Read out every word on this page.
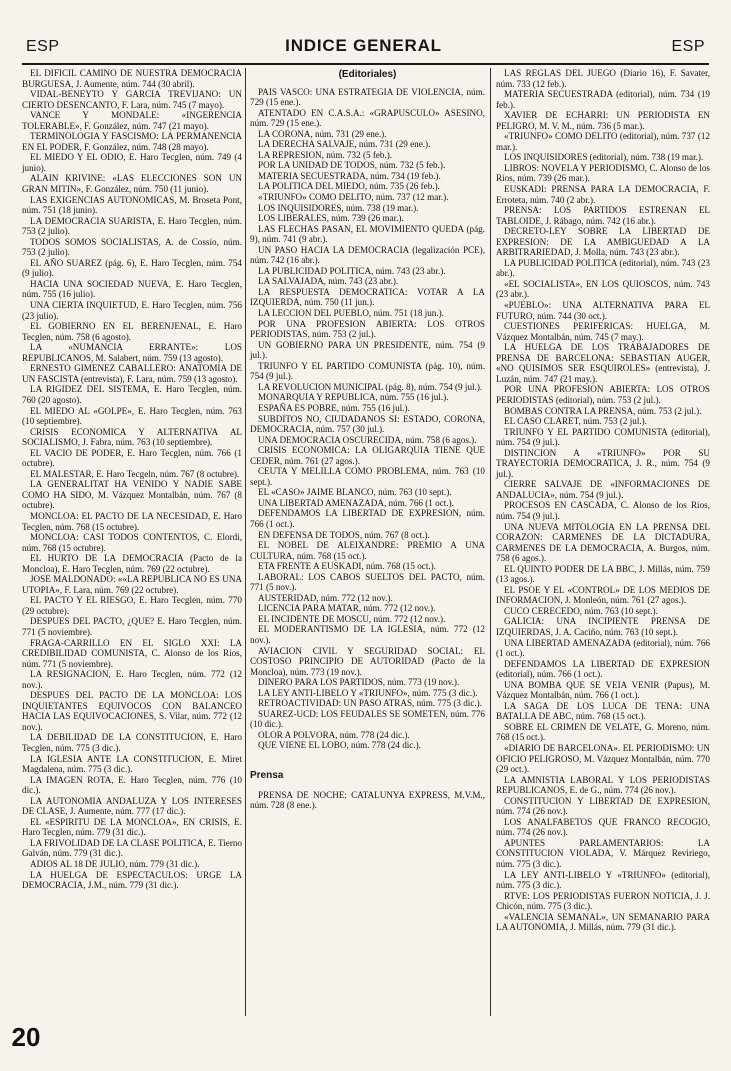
ESP	INDICE GENERAL	ESP

EL DIFICIL CAMINO DE NUESTRA DEMOCRACIA BURGUESA, J. Aumente, núm. 744 (30 abril).

VIDAL-BENEYTO Y GARCIA TREVIJANO: UN CIERTO DESENCANTO, F. Lara, núm. 745 (7 mayo).

VANCE Y MONDALE: «INGERENCIA TOLERABLE», F. González, núm. 747 (21 mayo).

TERMINOLOGIA Y FASCISMO: LA PERMANENCIA EN EL PODER, F. González, núm. 748 (28 mayo).

EL MIEDO Y EL ODIO, E. Haro Tecglen, núm. 749 (4 junio).

ALAIN KRIVINE: «LAS ELECCIONES SON UN GRAN MITIN», F. González, núm. 750 (11 junio).

LAS EXIGENCIAS AUTONOMICAS, M. Broseta Pont, núm. 751 (18 junio).

LA DEMOCRACIA SUARISTA, E. Haro Tecglen, núm. 753 (2 julio).

TODOS SOMOS SOCIALISTAS, A. de Cossío, núm. 753 (2 julio).

EL AÑO SUAREZ (pág. 6), E. Haro Tecglen, núm. 754 (9 julio).

HACIA UNA SOCIEDAD NUEVA, E. Haro Tecglen, núm. 755 (16 julio).

UNA CIERTA INQUIETUD, E. Haro Tecglen, núm. 756 (23 julio).

EL GOBIERNO EN EL BERENJENAL, E. Haro Tecglen, núm. 758 (6 agosto).

LA «NUMANCIA ERRANTE»: LOS REPUBLICANOS, M. Salabert, núm. 759 (13 agosto).

ERNESTO GIMENEZ CABALLERO: ANATOMIA DE UN FASCISTA (entrevista), F. Lara, núm. 759 (13 agosto).

LA RIGIDEZ DEL SISTEMA, E. Haro Tecglen, núm. 760 (20 agosto).

EL MIEDO AL «GOLPE», E. Haro Tecglen, núm. 763 (10 septiembre).

CRISIS ECONOMICA Y ALTERNATIVA AL SOCIALISMO, J. Fabra, núm. 763 (10 septiembre).

EL VACIO DE PODER, E. Haro Tecglen, núm. 766 (1 octubre).

EL MALESTAR, E. Haro Tecgeln, núm. 767 (8 octubre).

LA GENERALITAT HA VENIDO Y NADIE SABE COMO HA SIDO, M. Vázquez Montalbán, núm. 767 (8 octubre).

MONCLOA: EL PACTO DE LA NECESIDAD, E. Haro Tecglen, núm. 768 (15 octubre).

MONCLOA: CASI TODOS CONTENTOS, C. Elordi, núm. 768 (15 octubre).

EL HURTO DE LA DEMOCRACIA (Pacto de la Moncloa), E. Haro Tecglen, núm. 769 (22 octubre).

JOSE MALDONADO: ««LA REPUBLICA NO ES UNA UTOPIA», F. Lara, núm. 769 (22 octubre).

EL PACTO Y EL RIESGO, E. Haro Tecglen, núm. 770 (29 octubre).

DESPUES DEL PACTO, ¿QUE? E. Haro Tecglen, núm. 771 (5 noviembre).

FRAGA-CARRILLO EN EL SIGLO XXI: LA CREDIBILIDAD COMUNISTA, C. Alonso de los Ríos, núm. 771 (5 noviembre).

LA RESIGNACION, E. Haro Tecglen, núm. 772 (12 nov.).

DESPUES DEL PACTO DE LA MONCLOA: LOS INQUIETANTES EQUIVOCOS CON BALANCEO HACIA LAS EQUIVOCACIONES, S. Vilar, núm. 772 (12 nov.).

LA DEBILIDAD DE LA CONSTITUCION, E. Haro Tecglen, núm. 775 (3 dic.).

LA IGLESIA ANTE LA CONSTITUCION, E. Miret Magdalena, núm. 775 (3 dic.).

LA IMAGEN ROTA, E. Haro Tecglen, núm. 776 (10 dic.).

LA AUTONOMIA ANDALUZA Y LOS INTERESES DE CLASE, J. Aumente, núm. 777 (17 dic.).

EL «ESPIRITU DE LA MONCLOA», EN CRISIS, E. Haro Tecglen, núm. 779 (31 dic.).

LA FRIVOLIDAD DE LA CLASE POLITICA, E. Tierno Galván, núm. 779 (31 dic.).

ADIOS AL 18 DE JULIO, núm. 779 (31 dic.).

LA HUELGA DE ESPECTACULOS: URGE LA DEMOCRACIA, J.M., núm. 779 (31 dic.).

(Editoriales)

PAIS VASCO: UNA ESTRATEGIA DE VIOLENCIA, núm. 729 (15 ene.).

ATENTADO EN C.A.S.A.: «GRAPUSCULO» ASESINO, núm. 729 (15 ene.).

LA CORONA, núm. 731 (29 ene.).

LA DERECHA SALVAJE, núm. 731 (29 ene.).

LA REPRESION, núm. 732 (5 feb.).

POR LA UNIDAD DE TODOS, núm. 732 (5 feb.).

MATERIA SECUESTRADA, núm. 734 (19 feb.).

LA POLITICA DEL MIEDO, núm. 735 (26 feb.).

«TRIUNFO» COMO DELITO, núm. 737 (12 mar.).

LOS INQUISIDORES, núm. 738 (19 mar.).

LOS LIBERALES, núm. 739 (26 mar.).

LAS FLECHAS PASAN, EL MOVIMIENTO QUEDA (pág. 9), núm. 741 (9 abr.).

UN PASO HACIA LA DEMOCRACIA (legalización PCE), núm. 742 (16 abr.).

LA PUBLICIDAD POLITICA, núm. 743 (23 abr.).

LA SALVAJADA, núm. 743 (23 abr.).

LA RESPUESTA DEMOCRATICA: VOTAR A LA IZQUIERDA, núm. 750 (11 jun.).

LA LECCION DEL PUEBLO, núm. 751 (18 jun.).

POR UNA PROFESION ABIERTA: LOS OTROS PERIODISTAS, núm. 753 (2 jul.).

UN GOBIERNO PARA UN PRESIDENTE, núm. 754 (9 jul.).

TRIUNFO Y EL PARTIDO COMUNISTA (pág. 10), núm. 754 (9 jul.).

LA REVOLUCION MUNICIPAL (pág. 8), núm. 754 (9 jul.).

MONARQUIA Y REPUBLICA, núm. 755 (16 jul.).

ESPAÑA ES POBRE, núm. 755 (16 jul.).

SUBDITOS NO, CIUDADANOS SI: ESTADO, CORONA, DEMOCRACIA, núm. 757 (30 jul.).

UNA DEMOCRACIA OSCURECIDA, núm. 758 (6 agos.).

CRISIS ECONOMICA: LA OLIGARQUIA TIENE QUE CEDER, núm. 761 (27 agos.).

CEUTA Y MELILLA COMO PROBLEMA, núm. 763 (10 sept.).

EL «CASO» JAIME BLANCO, núm. 763 (10 sept.).

UNA LIBERTAD AMENAZADA, núm. 766 (1 oct.).

DEFENDAMOS LA LIBERTAD DE EXPRESION, núm. 766 (1 oct.).

EN DEFENSA DE TODOS, núm. 767 (8 oct.).

EL NOBEL DE ALEIXANDRE: PREMIO A UNA CULTURA, núm. 768 (15 oct.).

ETA FRENTE A EUSKADI, núm. 768 (15 oct.).

LABORAL: LOS CABOS SUELTOS DEL PACTO, núm. 771 (5 nov.).

AUSTERIDAD, núm. 772 (12 nov.).

LICENCIA PARA MATAR, núm. 772 (12 nov.).

EL INCIDENTE DE MOSCU, núm. 772 (12 nov.).

EL MODERANTISMO DE LA IGLESIA, núm. 772 (12 nov.).

AVIACION CIVIL Y SEGURIDAD SOCIAL: EL COSTOSO PRINCIPIO DE AUTORIDAD (Pacto de la Moncloa), núm. 773 (19 nov.).

DINERO PARA LOS PARTIDOS, núm. 773 (19 nov.).

LA LEY ANTI-LIBELO Y «TRIUNFO», núm. 775 (3 dic.).

RETROACTIVIDAD: UN PASO ATRAS, núm. 775 (3 dic.).

SUAREZ-UCD: LOS FEUDALES SE SOMETEN, núm. 776 (10 dic.).

OLOR A POLVORA, núm. 778 (24 dic.).

QUE VIENE EL LOBO, núm. 778 (24 dic.).

Prensa

PRENSA DE NOCHE: CATALUNYA EXPRESS, M.V.M., núm. 728 (8 ene.).

LAS REGLAS DEL JUEGO (Diario 16), F. Savater, núm. 733 (12 feb.).

MATERIA SECUESTRADA (editorial), núm. 734 (19 feb.).

XAVIER DE ECHARRI: UN PERIODISTA EN PELIGRO, M. V. M., núm. 736 (5 mar.).

«TRIUNFO» COMO DELITO (editorial), núm. 737 (12 mar.).

LOS INQUISIDORES (editorial), núm. 738 (19 mar.).

LIBROS: NOVELA Y PERIODISMO, C. Alonso de los Ríos, núm. 739 (26 mar.).

EUSKADI: PRENSA PARA LA DEMOCRACIA, F. Erroteta, núm. 740 (2 abr.).

PRENSA: LOS PARTIDOS ESTRENAN EL TABLOIDE, J. Rábago, núm. 742 (16 abr.).

DECRETO-LEY SOBRE LA LIBERTAD DE EXPRESION: DE LA AMBIGUEDAD A LA ARBITRARIEDAD, J. Molla, núm. 743 (23 abr.).

LA PUBLICIDAD POLITICA (editorial), núm. 743 (23 abr.).

«EL SOCIALISTA», EN LOS QUIOSCOS, núm. 743 (23 abr.).

«PUEBLO»: UNA ALTERNATIVA PARA EL FUTURO, núm. 744 (30 oct.).

CUESTIONES PERIFERICAS: HUELGA, M. Vázquez Montalbán, núm. 745 (7 may.).

LA HUELGA DE LOS TRABAJADORES DE PRENSA DE BARCELONA: SEBASTIAN AUGER, «NO QUISIMOS SER ESQUIROLES» (entrevista), J. Luzán, núm. 747 (21 may.).

POR UNA PROFESION ABIERTA: LOS OTROS PERIODISTAS (editorial), núm. 753 (2 jul.).

BOMBAS CONTRA LA PRENSA, núm. 753 (2 jul.).

EL CASO CLARET, núm. 753 (2 jul.).

TRIUNFO Y EL PARTIDO COMUNISTA (editorial), núm. 754 (9 jul.).

DISTINCION A «TRIUNFO» POR SU TRAYECTORIA DEMOCRATICA, J. R., núm. 754 (9 jul.).

CIERRE SALVAJE DE «INFORMACIONES DE ANDALUCIA», núm. 754 (9 jul.).

PROCESOS EN CASCADA, C. Alonso de los Ríos, núm. 754 (9 jul.).

UNA NUEVA MITOLOGIA EN LA PRENSA DEL CORAZON: CARMENES DE LA DICTADURA, CARMENES DE LA DEMOCRACIA, A. Burgos, núm. 758 (6 agos.).

EL QUINTO PODER DE LA BBC, J. Millás, núm. 759 (13 agos.).

EL PSOE Y EL «CONTROL» DE LOS MEDIOS DE INFORMACION, J. Monleón, núm. 761 (27 agos.).

CUCO CERECEDO, núm. 763 (10 sept.).

GALICIA: UNA INCIPIENTE PRENSA DE IZQUIERDAS, J. A. Caciño, núm. 763 (10 sept.).

UNA LIBERTAD AMENAZADA (editorial), núm. 766 (1 oct.).

DEFENDAMOS LA LIBERTAD DE EXPRESION (editorial), núm. 766 (1 oct.).

UNA BOMBA QUE SE VEIA VENIR (Papus), M. Vázquez Montalbán, núm. 766 (1 oct.).

LA SAGA DE LOS LUCA DE TENA: UNA BATALLA DE ABC, núm. 768 (15 oct.).

SOBRE EL CRIMEN DE VELATE, G. Moreno, núm. 768 (15 oct.).

«DIARIO DE BARCELONA». EL PERIODISMO: UN OFICIO PELIGROSO, M. Vázquez Montalbán, núm. 770 (29 oct.).

LA AMNISTIA LABORAL Y LOS PERIODISTAS REPUBLICANOS, E. de G., núm. 774 (26 nov.).

CONSTITUCION Y LIBERTAD DE EXPRESION, núm. 774 (26 nov.).

LOS ANALFABETOS QUE FRANCO RECOGIO, núm. 774 (26 nov.).

APUNTES PARLAMENTARIOS: LA CONSTITUCION VIOLADA, V. Márquez Reviriego, núm. 775 (3 dic.).

LA LEY ANTI-LIBELO Y «TRIUNFO» (editorial), núm. 775 (3 dic.).

RTVE: LOS PERIODISTAS FUERON NOTICIA, J. J. Chicón, núm. 775 (3 dic.).

«VALENCIA SEMANAL», UN SEMANARIO PARA LA AUTONOMIA, J. Millás, núm. 779 (31 dic.).

20
